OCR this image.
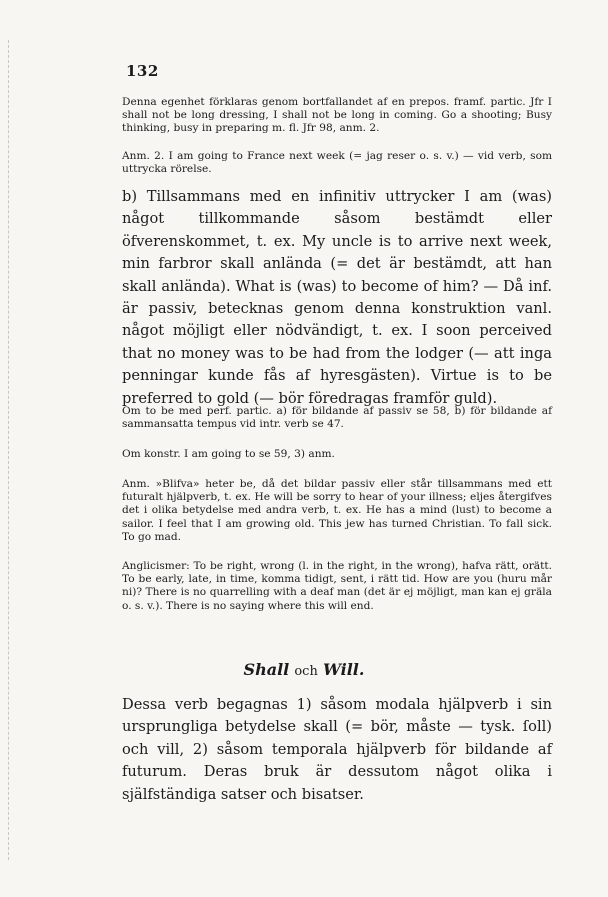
132

Denna egenhet förklaras genom bortfallandet af en prepos. framf. partic. Jfr I shall not be long dressing, I shall not be long in coming. Go a shooting; Busy thinking, busy in preparing m. fl. Jfr 98, anm. 2.

Anm. 2. I am going to France next week (= jag reser o. s. v.) — vid verb, som uttrycka rörelse.

b) Tillsammans med en infinitiv uttrycker I am (was) något tillkommande såsom bestämdt eller öfverenskommet, t. ex. My uncle is to arrive next week, min farbror skall anlända (= det är bestämdt, att han skall anlända). What is (was) to become of him? — Då inf. är passiv, betecknas genom denna konstruktion vanl. något möjligt eller nödvändigt, t. ex. I soon perceived that no money was to be had from the lodger (— att inga penningar kunde fås af hyresgästen). Virtue is to be preferred to gold (— bör föredragas framför guld).

Om to be med perf. partic. a) för bildande af passiv se 58, b) för bildande af sammansatta tempus vid intr. verb se 47.

Om konstr. I am going to se 59, 3) anm.

Anm. »Blifva» heter be, då det bildar passiv eller står tillsammans med ett futuralt hjälpverb, t. ex. He will be sorry to hear of your illness; eljes återgifves det i olika betydelse med andra verb, t. ex. He has a mind (lust) to become a sailor. I feel that I am growing old. This jew has turned Christian. To fall sick. To go mad.

Anglicismer: To be right, wrong (l. in the right, in the wrong), hafva rätt, orätt. To be early, late, in time, komma tidigt, sent, i rätt tid. How are you (huru mår ni)? There is no quarrelling with a deaf man (det är ej möjligt, man kan ej gräla o. s. v.). There is no saying where this will end.

Shall och Will.

Dessa verb begagnas 1) såsom modala hjälpverb i sin ursprungliga betydelse skall (= bör, måste — tysk. ſoll) och vill, 2) såsom temporala hjälpverb för bildande af futurum. Deras bruk är dessutom något olika i själfständiga satser och bisatser.
